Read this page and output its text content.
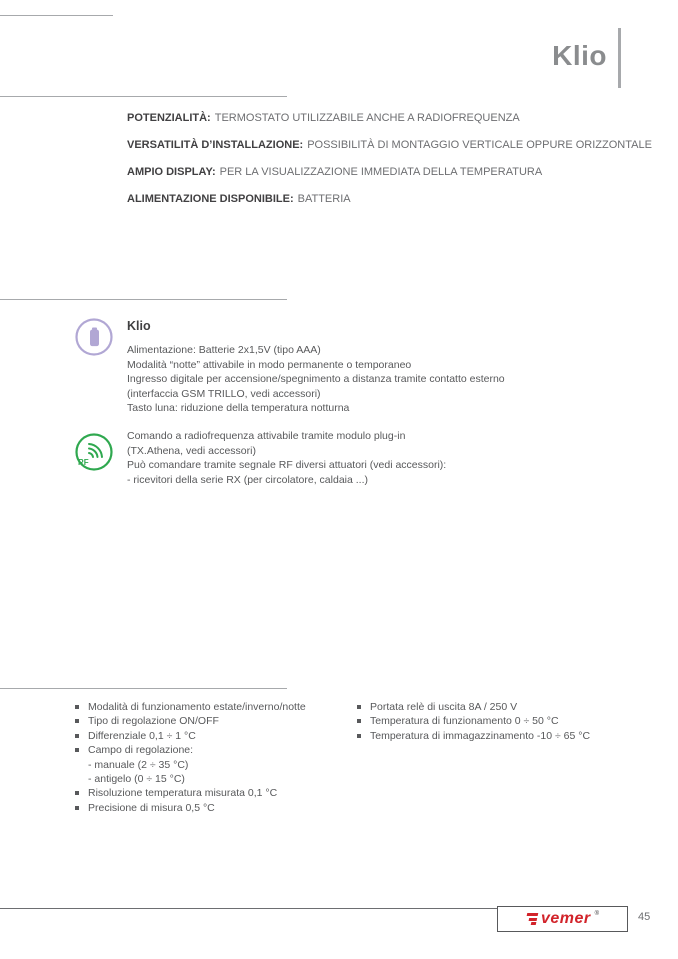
Klio
POTENZIALITÀ: TERMOSTATO UTILIZZABILE ANCHE A RADIOFREQUENZA
VERSATILITÀ D’INSTALLAZIONE: POSSIBILITÀ DI MONTAGGIO VERTICALE OPPURE ORIZZONTALE
AMPIO DISPLAY: PER LA VISUALIZZAZIONE IMMEDIATA DELLA TEMPERATURA
ALIMENTAZIONE DISPONIBILE: BATTERIA
Klio
Alimentazione: Batterie 2x1,5V (tipo AAA)
Modalità “notte” attivabile in modo permanente o temporaneo
Ingresso digitale per accensione/spegnimento a distanza tramite contatto esterno
(interfaccia GSM TRILLO, vedi accessori)
Tasto luna: riduzione della temperatura notturna
RF
Comando a radiofrequenza attivabile tramite modulo plug-in
(TX.Athena, vedi accessori)
Può comandare tramite segnale RF diversi attuatori (vedi accessori):
- ricevitori della serie RX (per circolatore, caldaia ...)
Modalità di funzionamento estate/inverno/notte
Tipo di regolazione ON/OFF
Differenziale 0,1 ÷ 1 °C
Campo di regolazione:
- manuale (2 ÷ 35 °C)
- antigelo (0 ÷ 15 °C)
Risoluzione temperatura misurata 0,1 °C
Precisione di misura 0,5 °C
Portata relè di uscita 8A / 250 V
Temperatura di funzionamento 0 ÷ 50 °C
Temperatura di immagazzinamento -10 ÷ 65 °C
vemer ®	45
